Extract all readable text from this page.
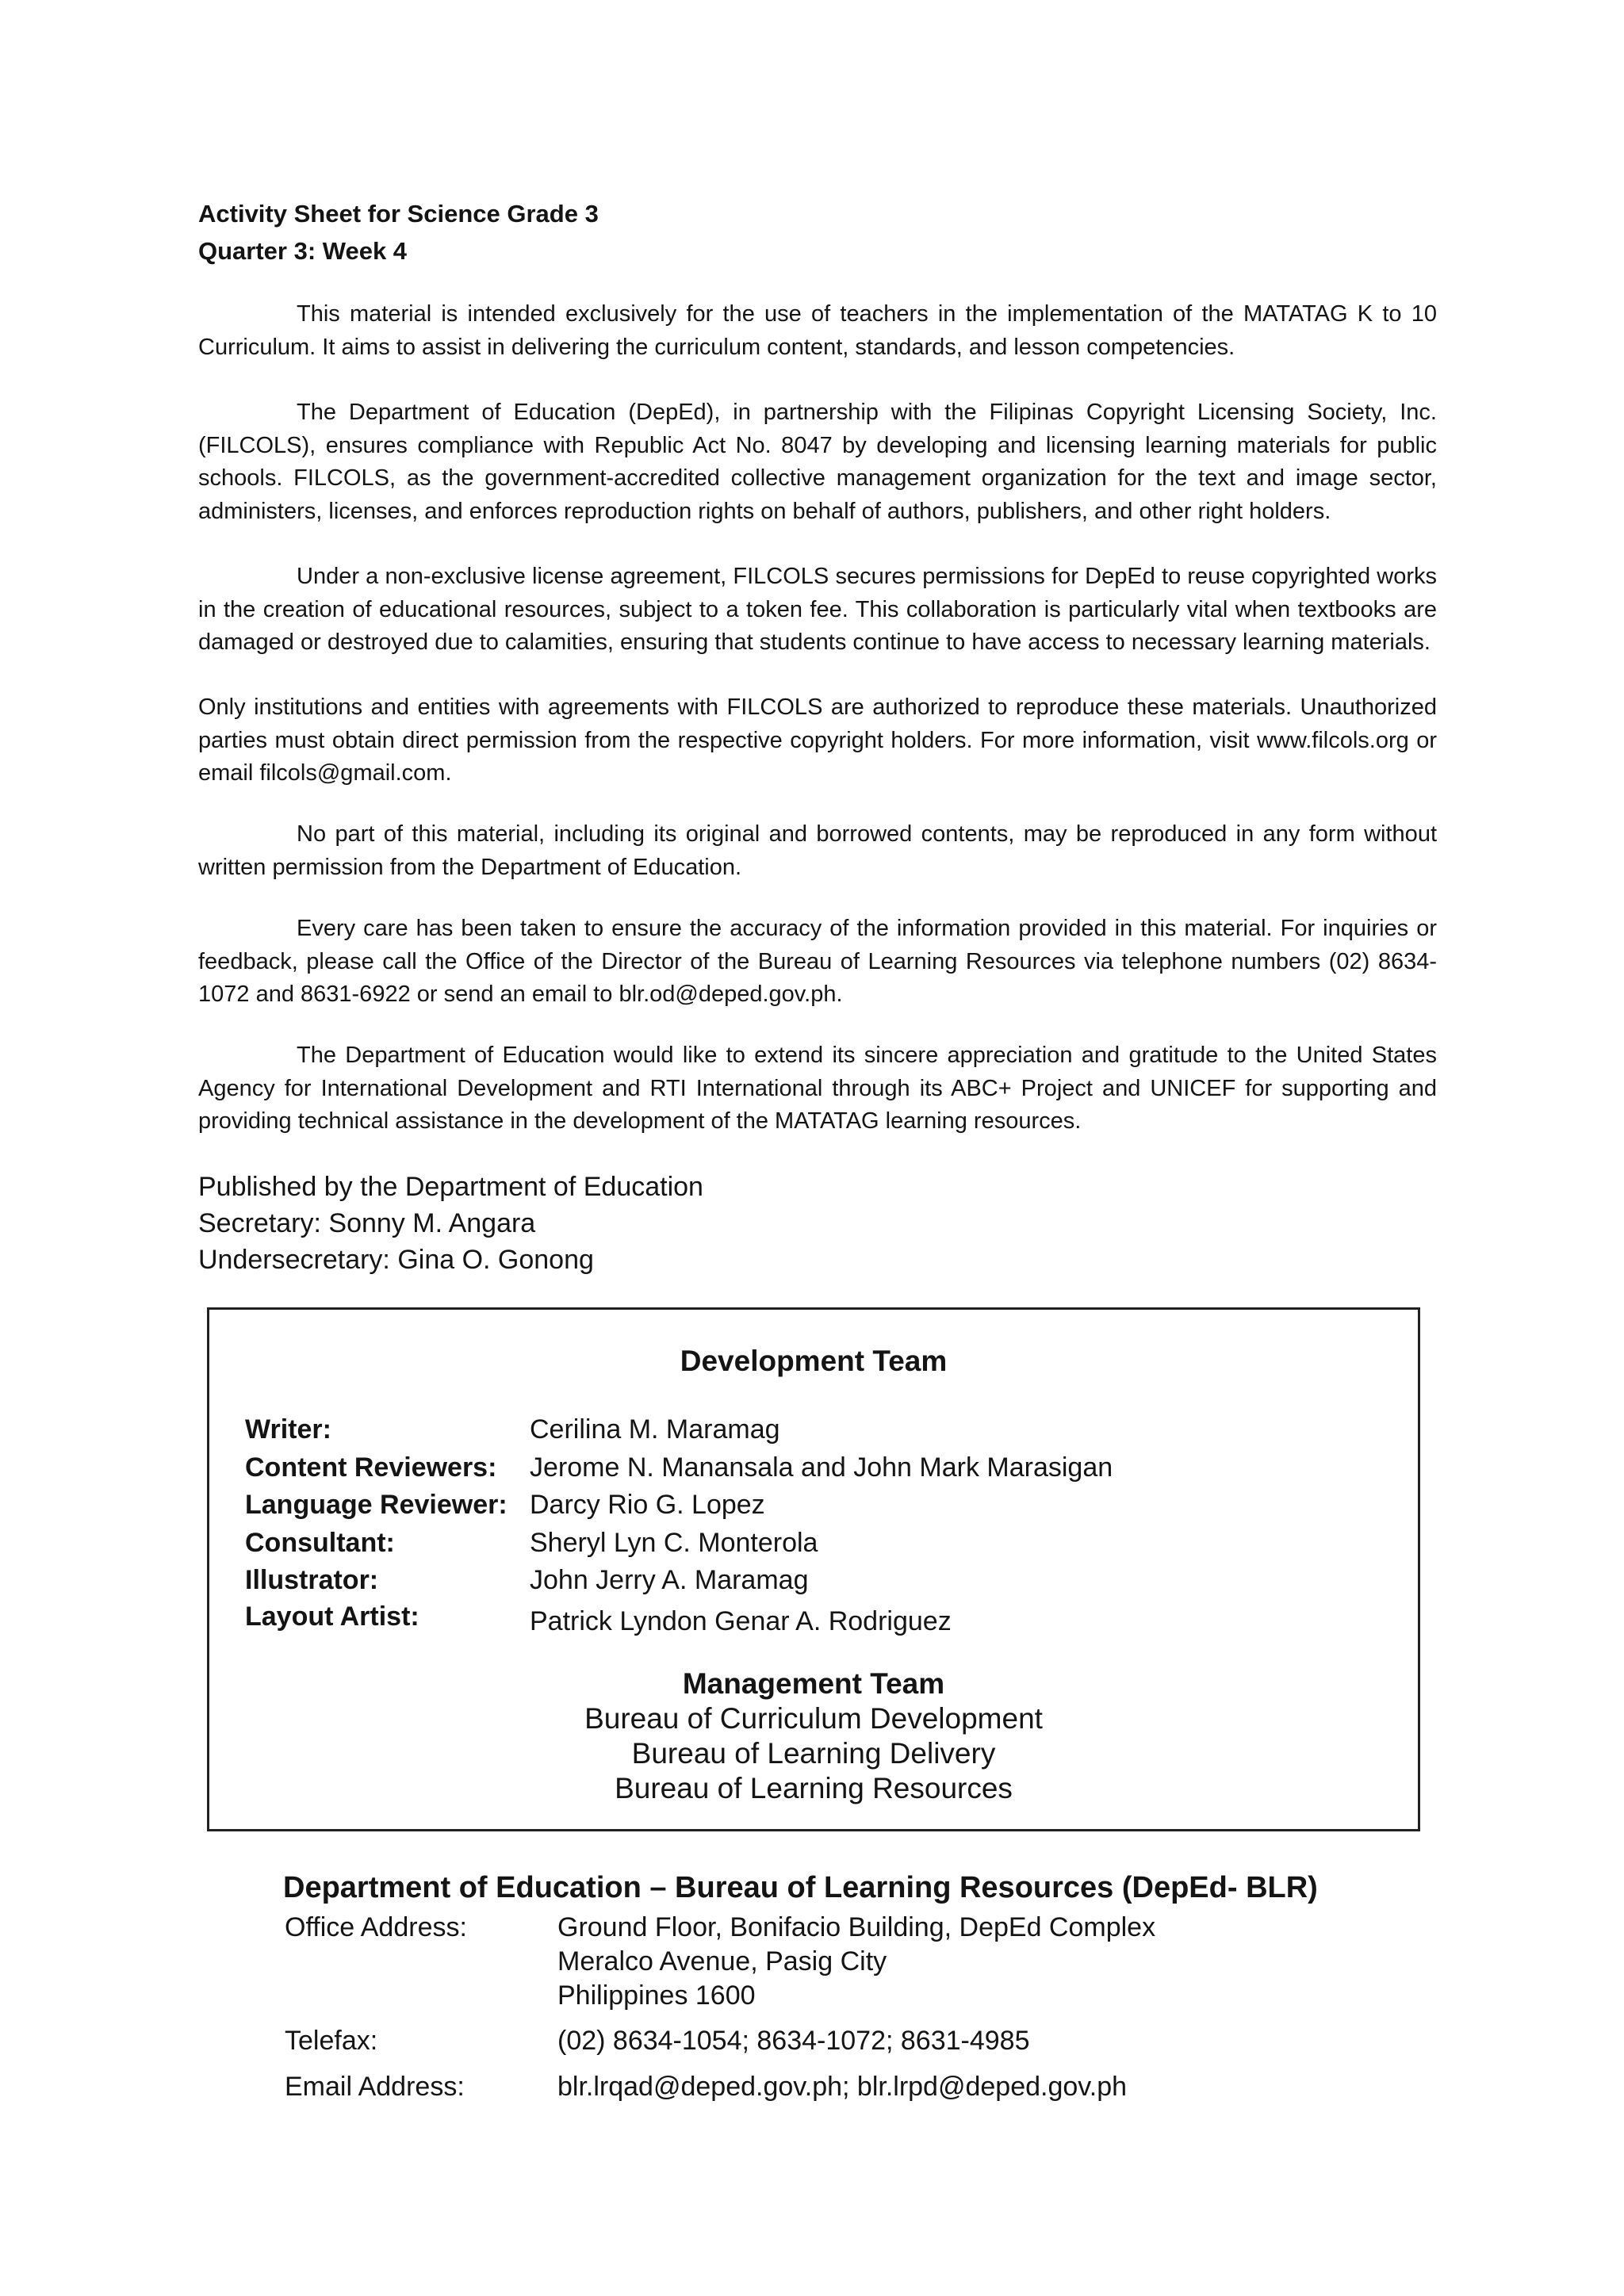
Activity Sheet for Science Grade 3
Quarter 3: Week 4

This material is intended exclusively for the use of teachers in the implementation of the MATATAG K to 10 Curriculum. It aims to assist in delivering the curriculum content, standards, and lesson competencies.

The Department of Education (DepEd), in partnership with the Filipinas Copyright Licensing Society, Inc. (FILCOLS), ensures compliance with Republic Act No. 8047 by developing and licensing learning materials for public schools. FILCOLS, as the government-accredited collective management organization for the text and image sector, administers, licenses, and enforces reproduction rights on behalf of authors, publishers, and other right holders.

Under a non-exclusive license agreement, FILCOLS secures permissions for DepEd to reuse copyrighted works in the creation of educational resources, subject to a token fee. This collaboration is particularly vital when textbooks are damaged or destroyed due to calamities, ensuring that students continue to have access to necessary learning materials.

Only institutions and entities with agreements with FILCOLS are authorized to reproduce these materials. Unauthorized parties must obtain direct permission from the respective copyright holders. For more information, visit www.filcols.org or email filcols@gmail.com.

No part of this material, including its original and borrowed contents, may be reproduced in any form without written permission from the Department of Education.

Every care has been taken to ensure the accuracy of the information provided in this material. For inquiries or feedback, please call the Office of the Director of the Bureau of Learning Resources via telephone numbers (02) 8634-1072 and 8631-6922 or send an email to blr.od@deped.gov.ph.

The Department of Education would like to extend its sincere appreciation and gratitude to the United States Agency for International Development and RTI International through its ABC+ Project and UNICEF for supporting and providing technical assistance in the development of the MATATAG learning resources.

Published by the Department of Education
Secretary: Sonny M. Angara
Undersecretary: Gina O. Gonong
Development Team
Writer:	Cerilina M. Maramag
Content Reviewers: Jerome N. Manansala and John Mark Marasigan
Language Reviewer: Darcy Rio G. Lopez
Consultant:	Sheryl Lyn C. Monterola
Illustrator:	John Jerry A. Maramag
Layout Artist:	Patrick Lyndon Genar A. Rodriguez
Management Team
Bureau of Curriculum Development
Bureau of Learning Delivery
Bureau of Learning Resources
Department of Education – Bureau of Learning Resources (DepEd- BLR)
Office Address:	Ground Floor, Bonifacio Building, DepEd Complex
Meralco Avenue, Pasig City
Philippines 1600
Telefax:	(02) 8634-1054; 8634-1072; 8631-4985
Email Address:	blr.lrqad@deped.gov.ph; blr.lrpd@deped.gov.ph
